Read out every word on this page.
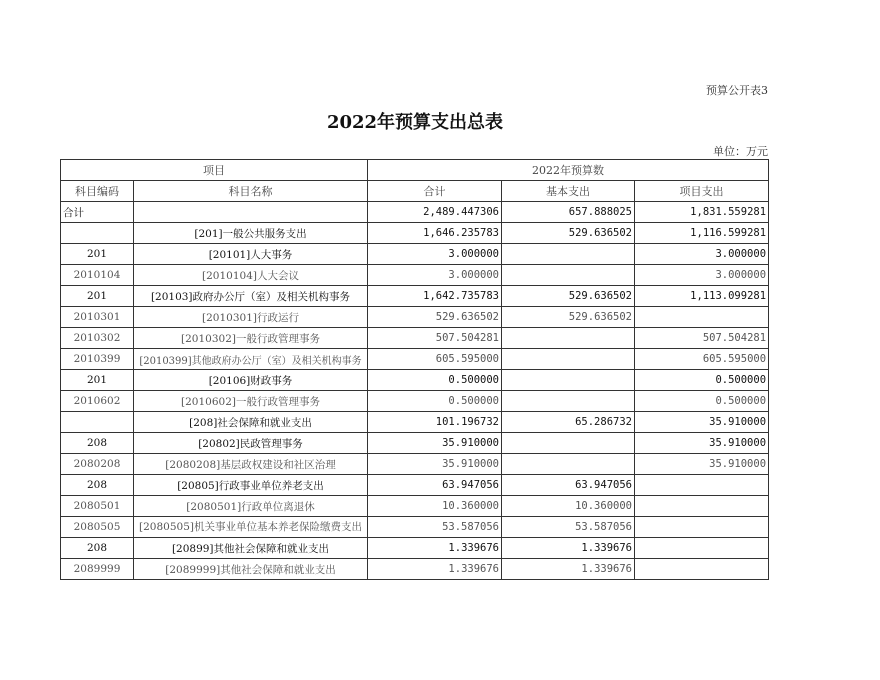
预算公开表3
2022年预算支出总表
单位：万元
项目		2022年预算数		
科目编码	科目名称	合计	基本支出	项目支出
合计		2,489.447306	657.888025	1,831.559281
	[201]一般公共服务支出	1,646.235783	529.636502	1,116.599281
201	[20101]人大事务	3.000000		3.000000
2010104	[2010104]人大会议	3.000000		3.000000
201	[20103]政府办公厅（室）及相关机构事务	1,642.735783	529.636502	1,113.099281
2010301	[2010301]行政运行	529.636502	529.636502	
2010302	[2010302]一般行政管理事务	507.504281		507.504281
2010399	[2010399]其他政府办公厅（室）及相关机构事务	605.595000		605.595000
201	[20106]财政事务	0.500000		0.500000
2010602	[2010602]一般行政管理事务	0.500000		0.500000
	[208]社会保障和就业支出	101.196732	65.286732	35.910000
208	[20802]民政管理事务	35.910000		35.910000
2080208	[2080208]基层政权建设和社区治理	35.910000		35.910000
208	[20805]行政事业单位养老支出	63.947056	63.947056	
2080501	[2080501]行政单位离退休	10.360000	10.360000	
2080505	[2080505]机关事业单位基本养老保险缴费支出	53.587056	53.587056	
208	[20899]其他社会保障和就业支出	1.339676	1.339676	
2089999	[2089999]其他社会保障和就业支出	1.339676	1.339676	
